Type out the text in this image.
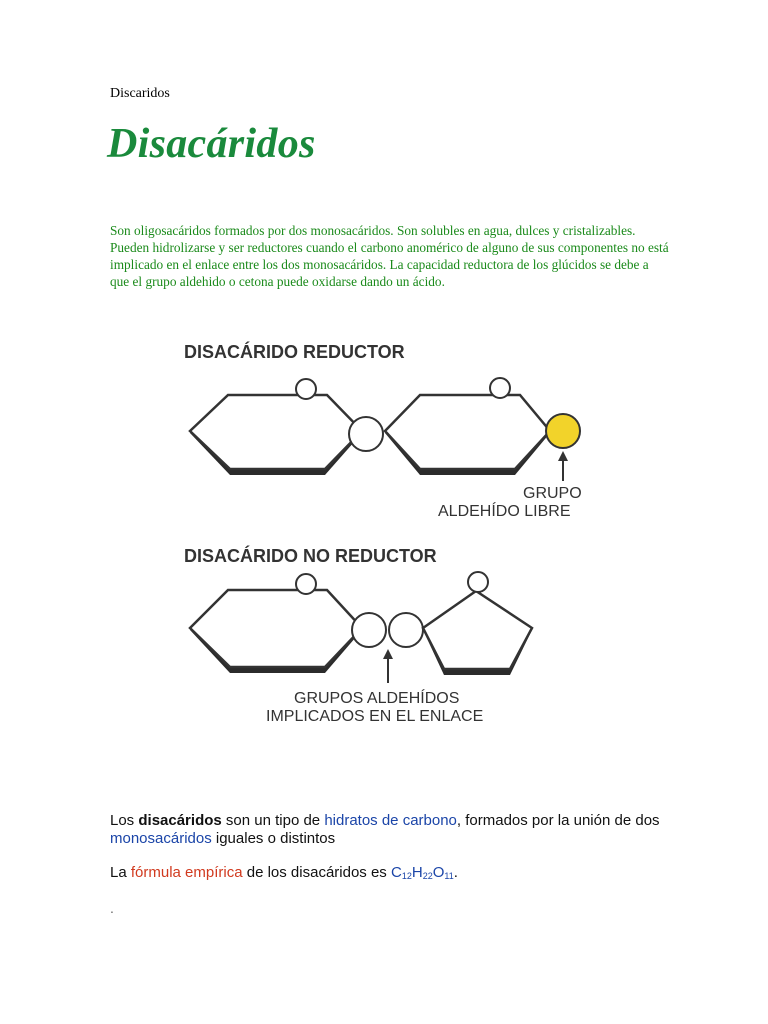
Discaridos
Disacáridos
Son oligosacáridos formados por dos monosacáridos. Son solubles en agua, dulces y cristalizables. Pueden hidrolizarse y ser reductores cuando el carbono anomérico de alguno de sus componentes no está implicado en el enlace entre los dos monosacáridos. La capacidad reductora de los glúcidos se debe a que el grupo aldehido o cetona puede oxidarse dando un ácido.
DISACÁRIDO REDUCTOR
GRUPO
ALDEHÍDO LIBRE
DISACÁRIDO NO REDUCTOR
GRUPOS ALDEHÍDOS
IMPLICADOS EN EL ENLACE
Los disacáridos son un tipo de hidratos de carbono, formados por la unión de dos monosacáridos iguales o distintos
La fórmula empírica de los disacáridos es $C_{12}H_{22}O_{11}$.
.
